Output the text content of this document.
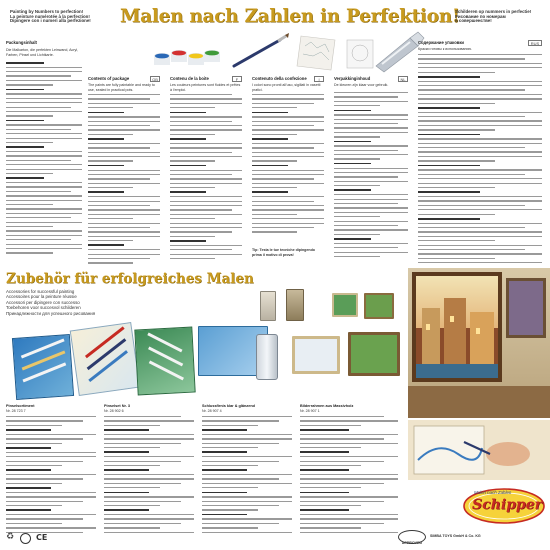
Painting by Numbers to perfection!
La peinture numérotée à la perfection!
Dipingere con i numeri alla perfezione!	Malen nach Zahlen in Perfektion!
Schilderen op nummers in perfectie!
Рисование по номерам
в совершенстве!
Packungsinhalt
Die Malkarton, die perfekten Leinwand, Acryl, Farben, Pinsel und Lichtkarte.
Contents of package	GB
The paints are fully paintable and ready to use, sealed in practical pots.
Contenu de la boite	F
Les couleurs peintures sont fluides et prêtes à l'emploi.
Contenuto della confezione	I
I colori sono pronti all'uso, sigillati in vasetti pratici.
Tip: Testa le tue tecniche dipingendo prima il motivo di prova!
Verpakkinginhoud	NL
De kleuren zijn klaar voor gebruik.
Содержание упаковки	RUS
Краски готовы к использованию.
Zubehör für erfolgreiches Malen
Accessories for successful painting
Accessoires pour la peinture réussie
Accessori per dipingere con successo
Toebehoren voor succesvol schilderen
Принадлежности для успешного рисования
Pinselsortiment
Nr. 28 723 7
Pinselset Nr. 3
Nr. 28 902 6
Schlussfirnis klar & glänzend
Nr. 28 907 4
Bilderrahmen aus Massivholz
Nr. 28 907 1
♻	CE
APPROVED
SIMBA TOYS GmbH & Co. KG
Malen nach Zahlen
Schipper
